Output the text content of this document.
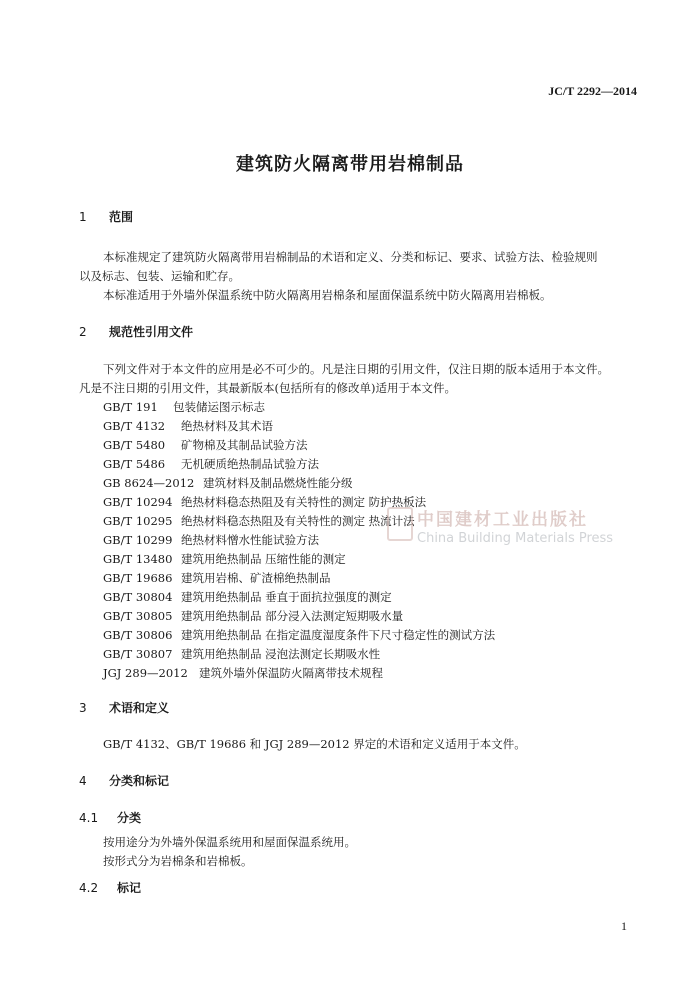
JC/T 2292—2014
建筑防火隔离带用岩棉制品
1 范围
本标准规定了建筑防火隔离带用岩棉制品的术语和定义、分类和标记、要求、试验方法、检验规则
以及标志、包装、运输和贮存。
本标准适用于外墙外保温系统中防火隔离用岩棉条和屋面保温系统中防火隔离用岩棉板。
2 规范性引用文件
下列文件对于本文件的应用是必不可少的。凡是注日期的引用文件，仅注日期的版本适用于本文件。
凡是不注日期的引用文件，其最新版本(包括所有的修改单)适用于本文件。
GB/T 191 包装储运图示标志
GB/T 4132 绝热材料及其术语
GB/T 5480 矿物棉及其制品试验方法
GB/T 5486 无机硬质绝热制品试验方法
GB 8624—2012 建筑材料及制品燃烧性能分级
GB/T 10294 绝热材料稳态热阻及有关特性的测定 防护热板法
GB/T 10295 绝热材料稳态热阻及有关特性的测定 热流计法
GB/T 10299 绝热材料憎水性能试验方法
GB/T 13480 建筑用绝热制品 压缩性能的测定
GB/T 19686 建筑用岩棉、矿渣棉绝热制品
GB/T 30804 建筑用绝热制品 垂直于面抗拉强度的测定
GB/T 30805 建筑用绝热制品 部分浸入法测定短期吸水量
GB/T 30806 建筑用绝热制品 在指定温度湿度条件下尺寸稳定性的测试方法
GB/T 30807 建筑用绝热制品 浸泡法测定长期吸水性
JGJ 289—2012 建筑外墙外保温防火隔离带技术规程
中国建材工业出版社
China Building Materials Press
3 术语和定义
GB/T 4132、GB/T 19686 和 JGJ 289—2012 界定的术语和定义适用于本文件。
4 分类和标记
4.1 分类
按用途分为外墙外保温系统用和屋面保温系统用。
按形式分为岩棉条和岩棉板。
4.2 标记
1
